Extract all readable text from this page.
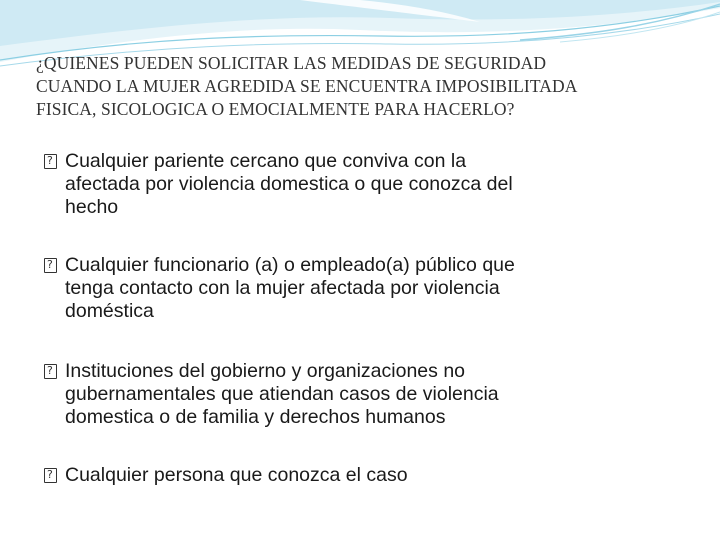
¿QUIENES PUEDEN SOLICITAR LAS MEDIDAS DE SEGURIDAD
CUANDO LA MUJER AGREDIDA SE ENCUENTRA IMPOSIBILITADA
FISICA, SICOLOGICA O EMOCIALMENTE PARA HACERLO?
?
Cualquier pariente cercano que conviva con la
afectada por violencia domestica o que conozca del
hecho
?
Cualquier funcionario (a) o empleado(a) público que
tenga contacto con la mujer afectada por violencia
doméstica
?
Instituciones del gobierno y organizaciones no
gubernamentales que atiendan casos de violencia
domestica o de familia y derechos humanos
?
Cualquier persona que conozca el caso
